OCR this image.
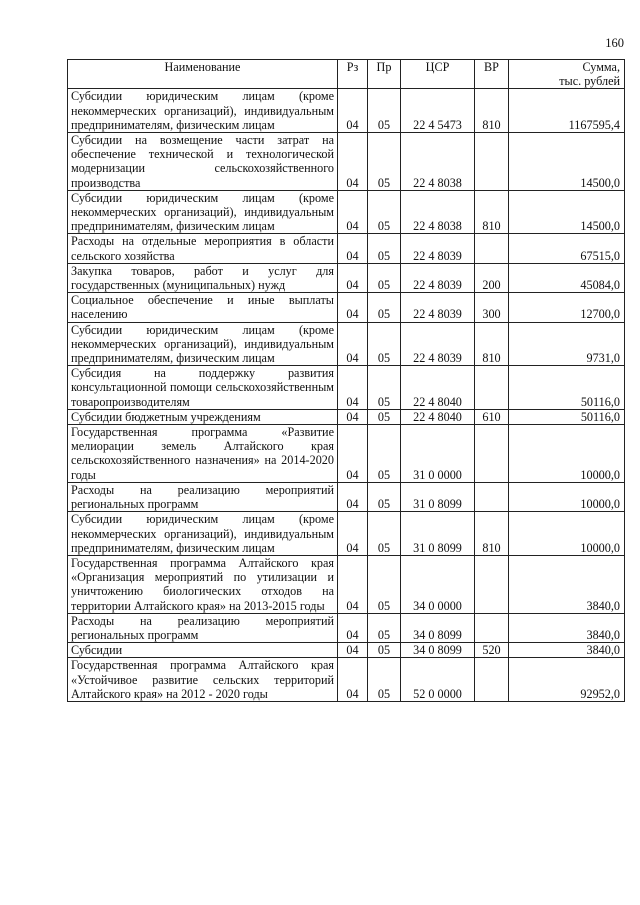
160
Наименование	Рз	Пр	ЦСР	ВР	Сумма,
тыс. рублей
Субсидии юридическим лицам (кроме некоммерческих организаций), индивидуальным предпринимателям, физическим лицам	04	05	22 4 5473	810	1167595,4
Субсидии на возмещение части затрат на обеспечение технической и технологической модернизации сельскохозяйственного производства	04	05	22 4 8038		14500,0
Субсидии юридическим лицам (кроме некоммерческих организаций), индивидуальным предпринимателям, физическим лицам	04	05	22 4 8038	810	14500,0
Расходы на отдельные мероприятия в области сельского хозяйства	04	05	22 4 8039		67515,0
Закупка товаров, работ и услуг для государственных (муниципальных) нужд	04	05	22 4 8039	200	45084,0
Социальное обеспечение и иные выплаты населению	04	05	22 4 8039	300	12700,0
Субсидии юридическим лицам (кроме некоммерческих организаций), индивидуальным предпринимателям, физическим лицам	04	05	22 4 8039	810	9731,0
Субсидия на поддержку развития консультационной помощи сельскохозяйственным товаропроизводителям	04	05	22 4 8040		50116,0
Субсидии бюджетным учреждениям	04	05	22 4 8040	610	50116,0
Государственная программа «Развитие мелиорации земель Алтайского края сельскохозяйственного назначения» на 2014-2020 годы	04	05	31 0 0000		10000,0
Расходы на реализацию мероприятий региональных программ	04	05	31 0 8099		10000,0
Субсидии юридическим лицам (кроме некоммерческих организаций), индивидуальным предпринимателям, физическим лицам	04	05	31 0 8099	810	10000,0
Государственная программа Алтайского края «Организация мероприятий по утилизации и уничтожению биологических отходов на территории Алтайского края» на 2013-2015 годы	04	05	34 0 0000		3840,0
Расходы на реализацию мероприятий региональных программ	04	05	34 0 8099		3840,0
Субсидии	04	05	34 0 8099	520	3840,0
Государственная программа Алтайского края «Устойчивое развитие сельских территорий Алтайского края» на 2012 - 2020 годы	04	05	52 0 0000		92952,0
